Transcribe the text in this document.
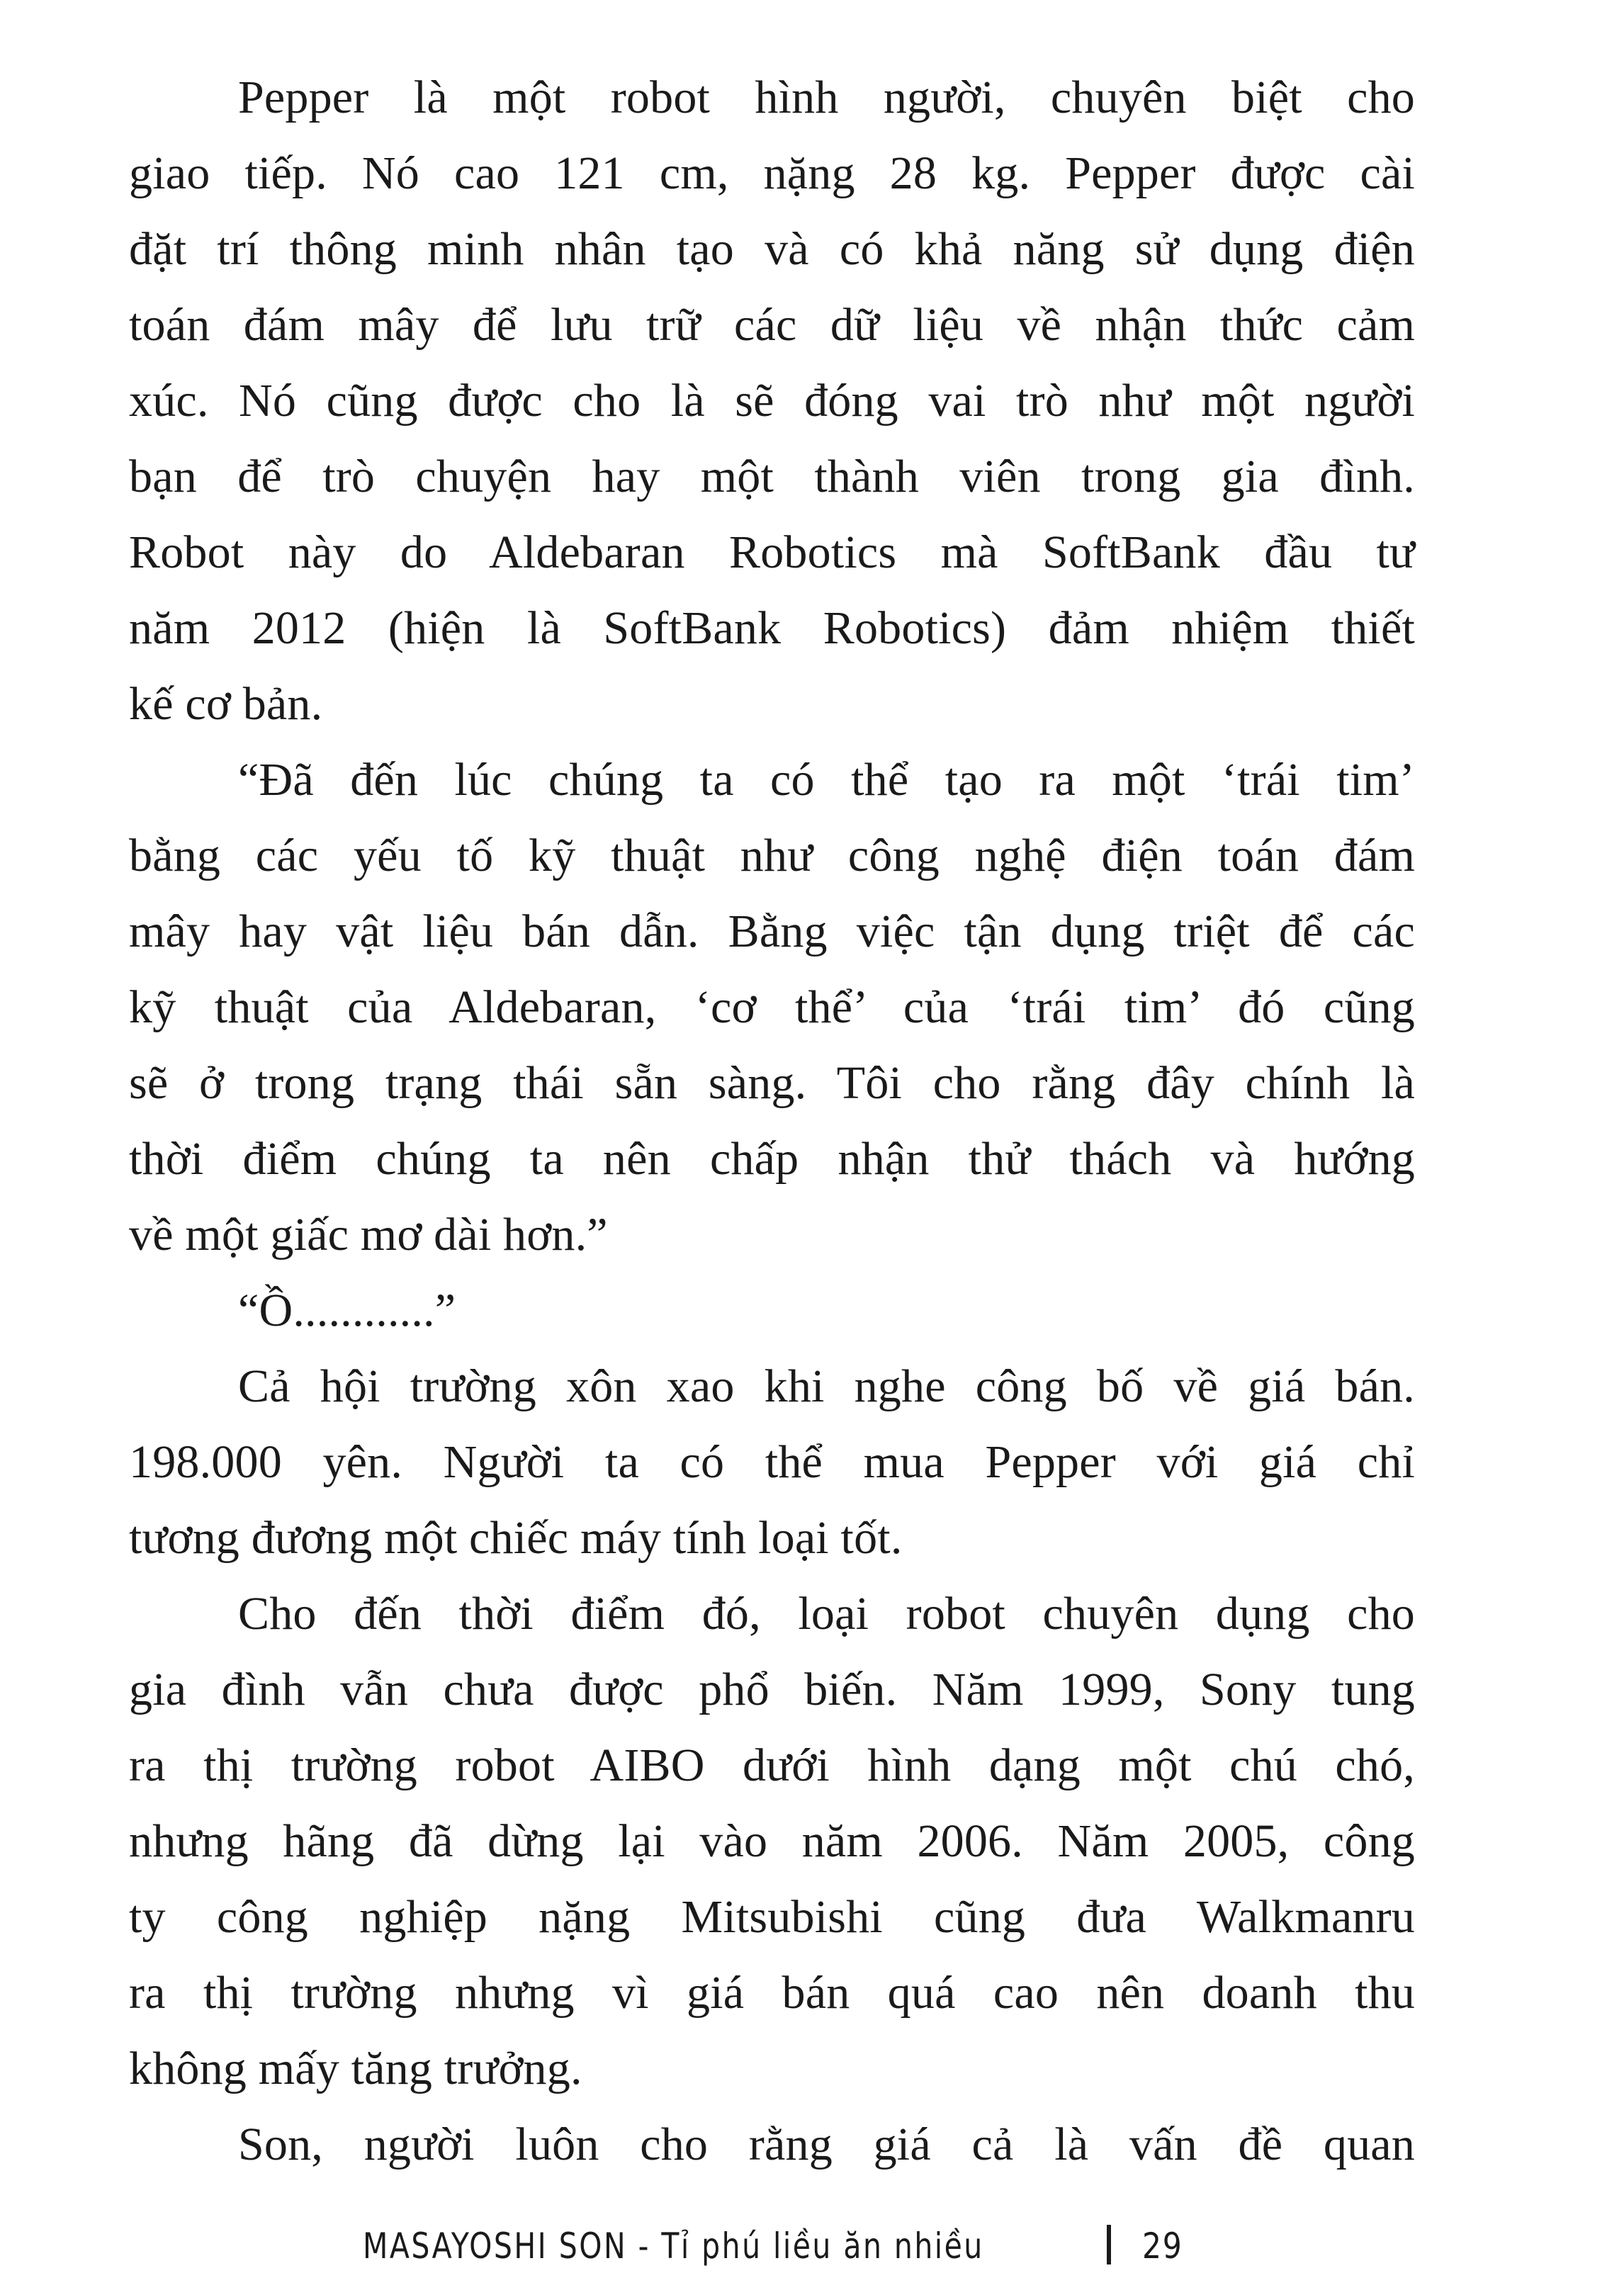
Pepper là một robot hình người, chuyên biệt cho
giao tiếp. Nó cao 121 cm, nặng 28 kg. Pepper được cài
đặt trí thông minh nhân tạo và có khả năng sử dụng điện
toán đám mây để lưu trữ các dữ liệu về nhận thức cảm
xúc. Nó cũng được cho là sẽ đóng vai trò như một người
bạn để trò chuyện hay một thành viên trong gia đình.
Robot này do Aldebaran Robotics mà SoftBank đầu tư
năm 2012 (hiện là SoftBank Robotics) đảm nhiệm thiết
kế cơ bản.
“Đã đến lúc chúng ta có thể tạo ra một ‘trái tim’
bằng các yếu tố kỹ thuật như công nghệ điện toán đám
mây hay vật liệu bán dẫn. Bằng việc tận dụng triệt để các
kỹ thuật của Aldebaran, ‘cơ thể’ của ‘trái tim’ đó cũng
sẽ ở trong trạng thái sẵn sàng. Tôi cho rằng đây chính là
thời điểm chúng ta nên chấp nhận thử thách và hướng
về một giấc mơ dài hơn.”
“Ồ............”
Cả hội trường xôn xao khi nghe công bố về giá bán.
198.000 yên. Người ta có thể mua Pepper với giá chỉ
tương đương một chiếc máy tính loại tốt.
Cho đến thời điểm đó, loại robot chuyên dụng cho
gia đình vẫn chưa được phổ biến. Năm 1999, Sony tung
ra thị trường robot AIBO dưới hình dạng một chú chó,
nhưng hãng đã dừng lại vào năm 2006. Năm 2005, công
ty công nghiệp nặng Mitsubishi cũng đưa Walkmanru
ra thị trường nhưng vì giá bán quá cao nên doanh thu
không mấy tăng trưởng.
Son, người luôn cho rằng giá cả là vấn đề quan
MASAYOSHI SON - Tỉ phú liều ăn nhiều	29
